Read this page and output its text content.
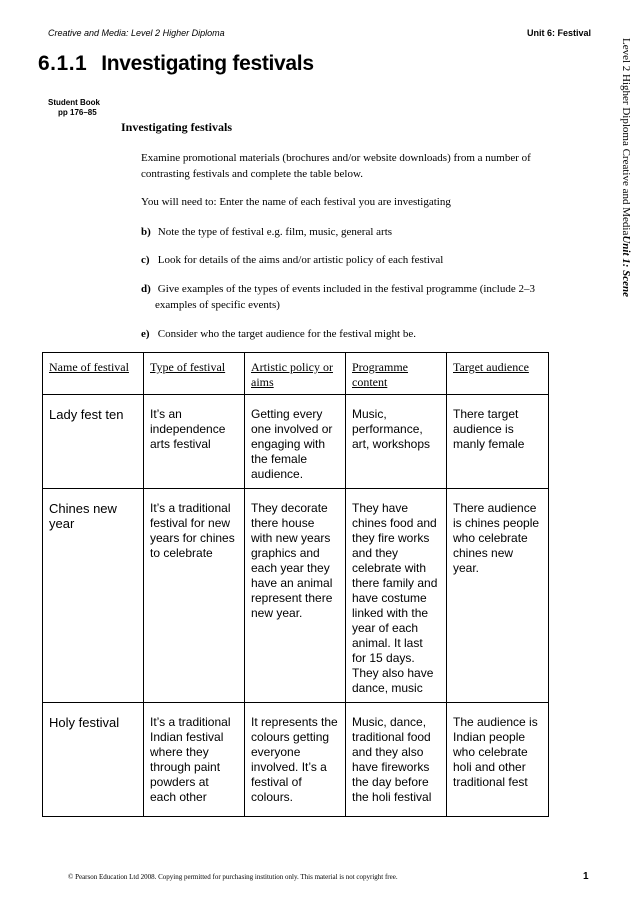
Creative and Media: Level 2 Higher Diploma	Unit 6: Festival
Level 2 Higher Diploma Creative and MediaUnit 1: Scene
6.1.1 Investigating festivals
Student Book
pp 176–85
Investigating festivals
Examine promotional materials (brochures and/or website downloads) from a number of contrasting festivals and complete the table below.
You will need to: Enter the name of each festival you are investigating
b) Note the type of festival e.g. film, music, general arts
c) Look for details of the aims and/or artistic policy of each festival
d) Give examples of the types of events included in the festival programme (include 2–3 examples of specific events)
e) Consider who the target audience for the festival might be.
Name of festival	Type of festival	Artistic policy or aims	Programme content	Target audience
Lady fest ten	It’s an independence arts festival	Getting every one involved or engaging with the female audience.	Music, performance, art, workshops	There target audience is manly female
Chines new year	It’s a traditional festival for new years for chines to celebrate	They decorate there house with new years graphics and each year they have an animal represent there new year.	They have chines food and they fire works and they celebrate with there family and have costume linked with the year of each animal. It last for 15 days. They also have dance, music	There audience is chines people who celebrate chines new year.
Holy festival	It’s a traditional Indian festival where they through paint powders at each other	It represents the colours getting everyone involved. It’s a festival of colours.	Music, dance, traditional food and they also have fireworks the day before the holi festival	The audience is Indian people who celebrate holi and other traditional fest
© Pearson Education Ltd 2008. Copying permitted for purchasing institution only. This material is not copyright free.	1
